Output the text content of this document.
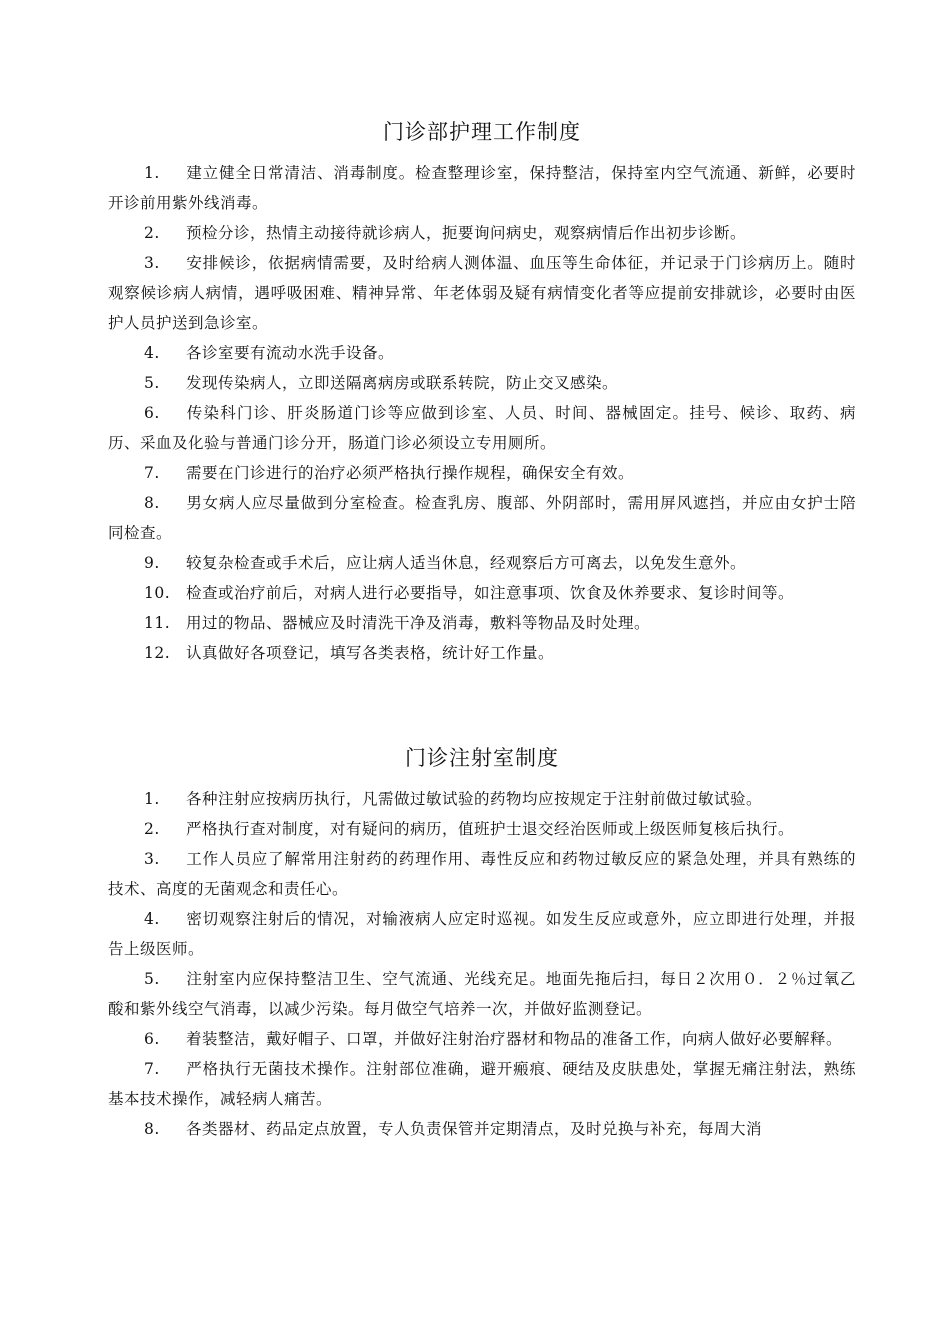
门诊部护理工作制度

1. 建立健全日常清洁、消毒制度。检查整理诊室，保持整洁，保持室内空气流通、新鲜，必要时开诊前用紫外线消毒。

2. 预检分诊，热情主动接待就诊病人，扼要询问病史，观察病情后作出初步诊断。

3. 安排候诊，依据病情需要，及时给病人测体温、血压等生命体征，并记录于门诊病历上。随时观察候诊病人病情，遇呼吸困难、精神异常、年老体弱及疑有病情变化者等应提前安排就诊，必要时由医护人员护送到急诊室。

4. 各诊室要有流动水洗手设备。

5. 发现传染病人，立即送隔离病房或联系转院，防止交叉感染。

6. 传染科门诊、肝炎肠道门诊等应做到诊室、人员、时间、器械固定。挂号、候诊、取药、病历、采血及化验与普通门诊分开，肠道门诊必须设立专用厕所。

7. 需要在门诊进行的治疗必须严格执行操作规程，确保安全有效。

8. 男女病人应尽量做到分室检查。检查乳房、腹部、外阴部时，需用屏风遮挡，并应由女护士陪同检查。

9. 较复杂检查或手术后，应让病人适当休息，经观察后方可离去，以免发生意外。

10. 检查或治疗前后，对病人进行必要指导，如注意事项、饮食及休养要求、复诊时间等。

11. 用过的物品、器械应及时清洗干净及消毒，敷料等物品及时处理。

12. 认真做好各项登记，填写各类表格，统计好工作量。

门诊注射室制度

1. 各种注射应按病历执行，凡需做过敏试验的药物均应按规定于注射前做过敏试验。

2. 严格执行查对制度，对有疑问的病历，值班护士退交经治医师或上级医师复核后执行。

3. 工作人员应了解常用注射药的药理作用、毒性反应和药物过敏反应的紧急处理，并具有熟练的技术、高度的无菌观念和责任心。

4. 密切观察注射后的情况，对输液病人应定时巡视。如发生反应或意外，应立即进行处理，并报告上级医师。

5. 注射室内应保持整洁卫生、空气流通、光线充足。地面先拖后扫，每日２次用０．２％过氧乙酸和紫外线空气消毒，以减少污染。每月做空气培养一次，并做好监测登记。

6. 着装整洁，戴好帽子、口罩，并做好注射治疗器材和物品的准备工作，向病人做好必要解释。

7. 严格执行无菌技术操作。注射部位准确，避开瘢痕、硬结及皮肤患处，掌握无痛注射法，熟练基本技术操作，减轻病人痛苦。

8. 各类器材、药品定点放置，专人负责保管并定期清点，及时兑换与补充，每周大消
